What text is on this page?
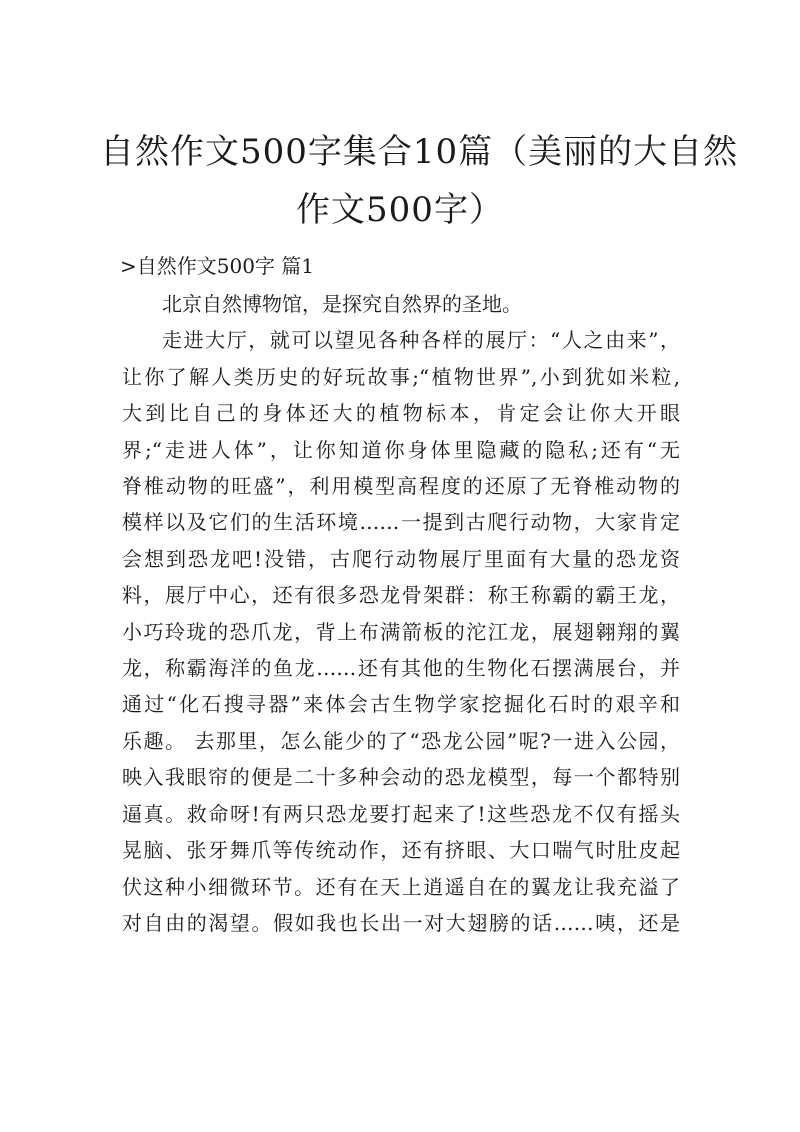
自然作文500字集合10篇（美丽的大自然
作文500字）
>自然作文500字 篇1
北京自然博物馆，是探究自然界的圣地。
走进大厅，就可以望见各种各样的展厅：“人之由来”，
让你了解人类历史的好玩故事;“植物世界”,小到犹如米粒,
大到比自己的身体还大的植物标本，肯定会让你大开眼
界;“走进人体”，让你知道你身体里隐藏的隐私;还有“无
脊椎动物的旺盛”，利用模型高程度的还原了无脊椎动物的
模样以及它们的生活环境……一提到古爬行动物，大家肯定
会想到恐龙吧!没错，古爬行动物展厅里面有大量的恐龙资
料，展厅中心，还有很多恐龙骨架群：称王称霸的霸王龙，
小巧玲珑的恐爪龙，背上布满箭板的沱江龙，展翅翱翔的翼
龙，称霸海洋的鱼龙……还有其他的生物化石摆满展台，并
通过“化石搜寻器”来体会古生物学家挖掘化石时的艰辛和
乐趣。 去那里，怎么能少的了“恐龙公园”呢?一进入公园，
映入我眼帘的便是二十多种会动的恐龙模型，每一个都特别
逼真。救命呀!有两只恐龙要打起来了!这些恐龙不仅有摇头
晃脑、张牙舞爪等传统动作，还有挤眼、大口喘气时肚皮起
伏这种小细微环节。还有在天上逍遥自在的翼龙让我充溢了
对自由的渴望。假如我也长出一对大翅膀的话……咦，还是
